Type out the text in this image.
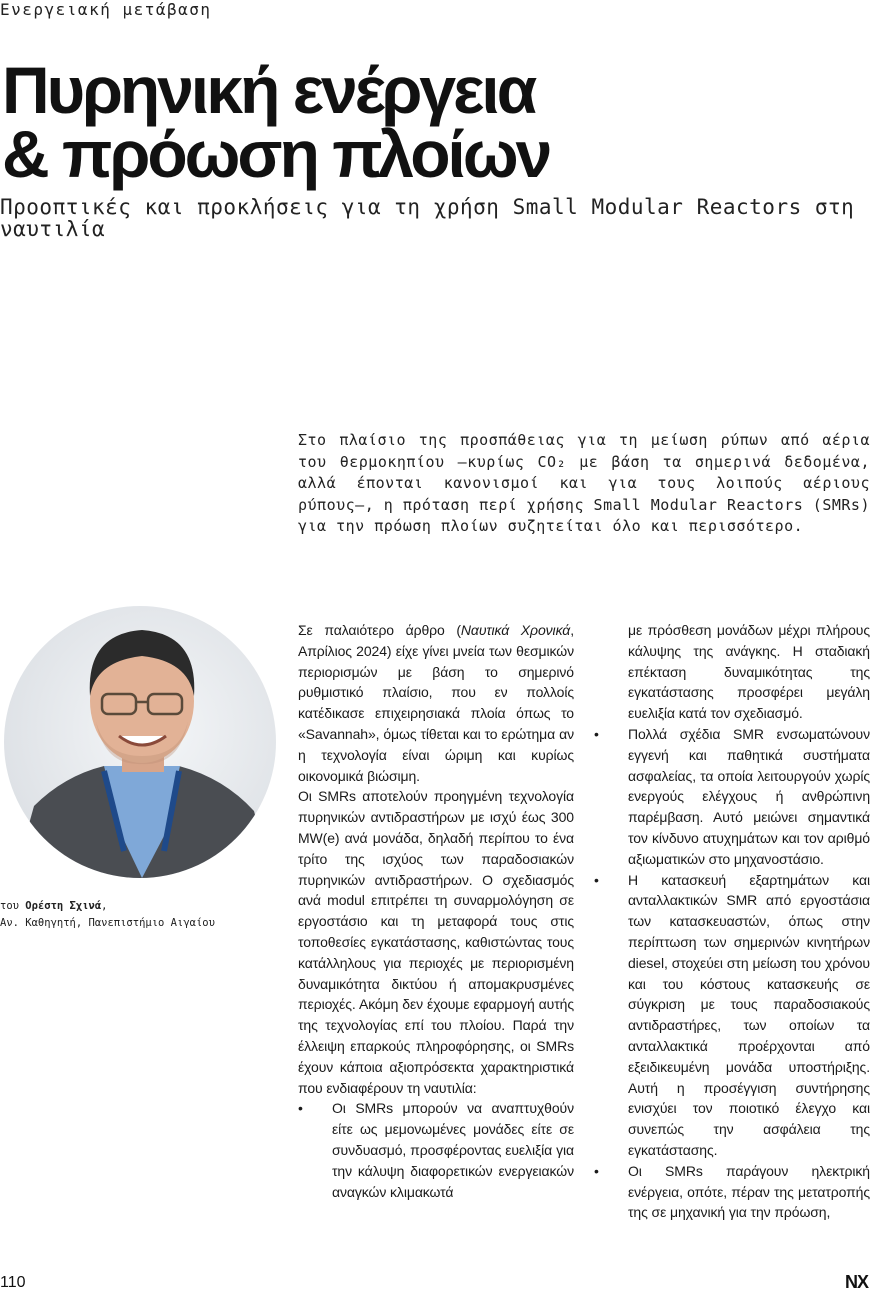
Ενεργειακή μετάβαση
Πυρηνική ενέργεια
& πρόωση πλοίων

Προοπτικές και προκλήσεις για τη χρήση Small Modular Reactors στη ναυτιλία

Στο πλαίσιο της προσπάθειας για τη μείωση ρύπων από αέρια του θερμοκηπίου –κυρίως CO₂ με βάση τα σημερινά δεδομένα, αλλά έπονται κανονισμοί και για τους λοιπούς αέριους ρύπους–, η πρόταση περί χρήσης Small Modular Reactors (SMRs) για την πρόωση πλοίων συζητείται όλο και περισσότερο.

του Ορέστη Σχινά,
Αν. Καθηγητή, Πανεπιστήμιο Αιγαίου

Σε παλαιότερο άρθρο (Ναυτικά Χρονικά, Απρίλιος 2024) είχε γίνει μνεία των θεσμικών περιορισμών με βάση το σημερινό ρυθμιστικό πλαίσιο, που εν πολλοίς κατέδικασε επιχειρησιακά πλοία όπως το «Savannah», όμως τίθεται και το ερώτημα αν η τεχνολογία είναι ώριμη και κυρίως οικονομικά βιώσιμη.

Οι SMRs αποτελούν προηγμένη τεχνολογία πυρηνικών αντιδραστήρων με ισχύ έως 300 MW(e) ανά μονάδα, δηλαδή περίπου το ένα τρίτο της ισχύος των παραδοσιακών πυρηνικών αντιδραστήρων. Ο σχεδιασμός ανά modul επιτρέπει τη συναρμολόγηση σε εργοστάσιο και τη μεταφορά τους στις τοποθεσίες εγκατάστασης, καθιστώντας τους κατάλληλους για περιοχές με περιορισμένη δυναμικότητα δικτύου ή απομακρυσμένες περιοχές. Ακόμη δεν έχουμε εφαρμογή αυτής της τεχνολογίας επί του πλοίου. Παρά την έλλειψη επαρκούς πληροφόρησης, οι SMRs έχουν κάποια αξιοπρόσεκτα χαρακτηριστικά που ενδιαφέρουν τη ναυτιλία:

• Οι SMRs μπορούν να αναπτυχθούν είτε ως μεμονωμένες μονάδες είτε σε συνδυασμό, προσφέροντας ευελιξία για την κάλυψη διαφορετικών ενεργειακών αναγκών κλιμακωτά
με πρόσθεση μονάδων μέχρι πλήρους κάλυψης της ανάγκης. Η σταδιακή επέκταση δυναμικότητας της εγκατάστασης προσφέρει μεγάλη ευελιξία κατά τον σχεδιασμό.
• Πολλά σχέδια SMR ενσωματώνουν εγγενή και παθητικά συστήματα ασφαλείας, τα οποία λειτουργούν χωρίς ενεργούς ελέγχους ή ανθρώπινη παρέμβαση. Αυτό μειώνει σημαντικά τον κίνδυνο ατυχημάτων και τον αριθμό αξιωματικών στο μηχανοστάσιο.
• Η κατασκευή εξαρτημάτων και ανταλλακτικών SMR από εργοστάσια των κατασκευαστών, όπως στην περίπτωση των σημερινών κινητήρων diesel, στοχεύει στη μείωση του χρόνου και του κόστους κατασκευής σε σύγκριση με τους παραδοσιακούς αντιδραστήρες, των οποίων τα ανταλλακτικά προέρχονται από εξειδικευμένη μονάδα υποστήριξης. Αυτή η προσέγγιση συντήρησης ενισχύει τον ποιοτικό έλεγχο και συνεπώς την ασφάλεια της εγκατάστασης.
• Οι SMRs παράγουν ηλεκτρική ενέργεια, οπότε, πέραν της μετατροπής της σε μηχανική για την πρόωση,
110	NX
